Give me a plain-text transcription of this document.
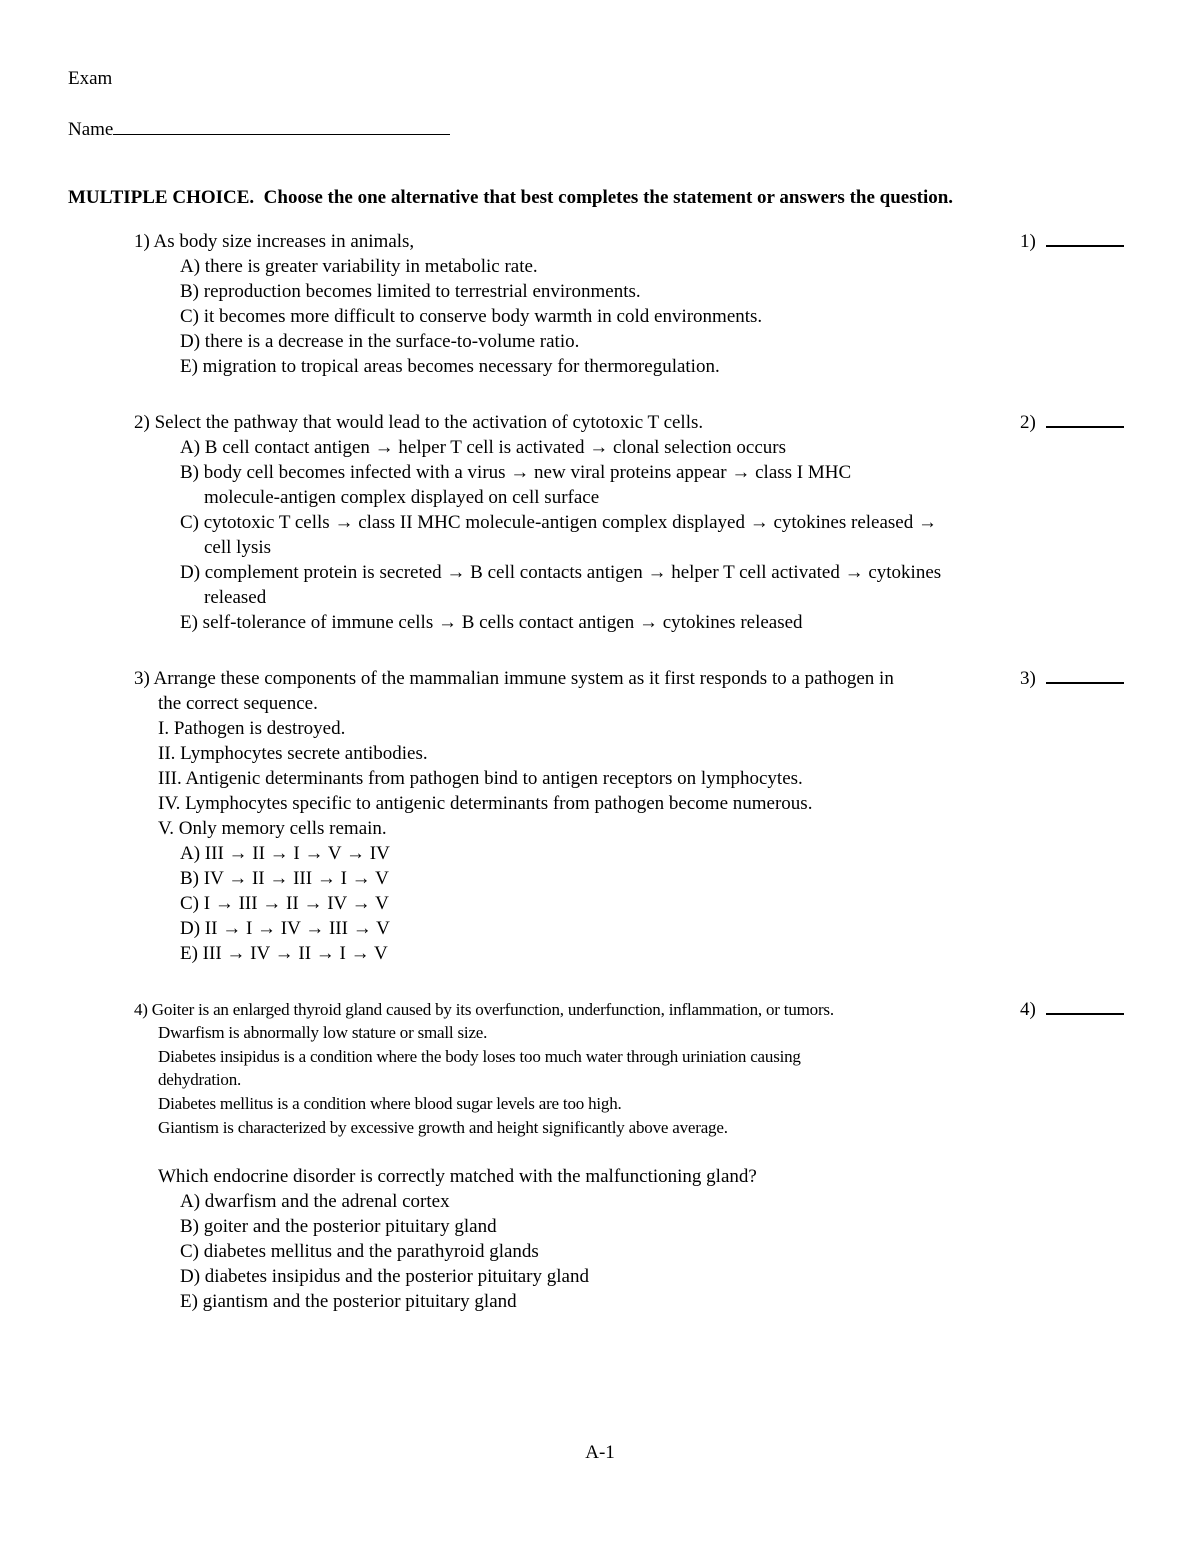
Exam
Name
MULTIPLE CHOICE. Choose the one alternative that best completes the statement or answers the question.
1) As body size increases in animals,	1)
A) there is greater variability in metabolic rate.
B) reproduction becomes limited to terrestrial environments.
C) it becomes more difficult to conserve body warmth in cold environments.
D) there is a decrease in the surface-to-volume ratio.
E) migration to tropical areas becomes necessary for thermoregulation.
2) Select the pathway that would lead to the activation of cytotoxic T cells.	2)
A) B cell contact antigen → helper T cell is activated → clonal selection occurs
B) body cell becomes infected with a virus → new viral proteins appear → class I MHC
molecule-antigen complex displayed on cell surface
C) cytotoxic T cells → class II MHC molecule-antigen complex displayed → cytokines released →
cell lysis
D) complement protein is secreted → B cell contacts antigen → helper T cell activated → cytokines
released
E) self-tolerance of immune cells → B cells contact antigen → cytokines released
3) Arrange these components of the mammalian immune system as it first responds to a pathogen in	3)
the correct sequence.
I. Pathogen is destroyed.
II. Lymphocytes secrete antibodies.
III. Antigenic determinants from pathogen bind to antigen receptors on lymphocytes.
IV. Lymphocytes specific to antigenic determinants from pathogen become numerous.
V. Only memory cells remain.
A) III → II → I → V → IV
B) IV → II → III → I → V
C) I → III → II → IV → V
D) II → I → IV → III → V
E) III → IV → II → I → V
4) Goiter is an enlarged thyroid gland caused by its overfunction, underfunction, inflammation, or tumors.	4)
Dwarfism is abnormally low stature or small size.
Diabetes insipidus is a condition where the body loses too much water through uriniation causing
dehydration.
Diabetes mellitus is a condition where blood sugar levels are too high.
Giantism is characterized by excessive growth and height significantly above average.
Which endocrine disorder is correctly matched with the malfunctioning gland?
A) dwarfism and the adrenal cortex
B) goiter and the posterior pituitary gland
C) diabetes mellitus and the parathyroid glands
D) diabetes insipidus and the posterior pituitary gland
E) giantism and the posterior pituitary gland
A-1
